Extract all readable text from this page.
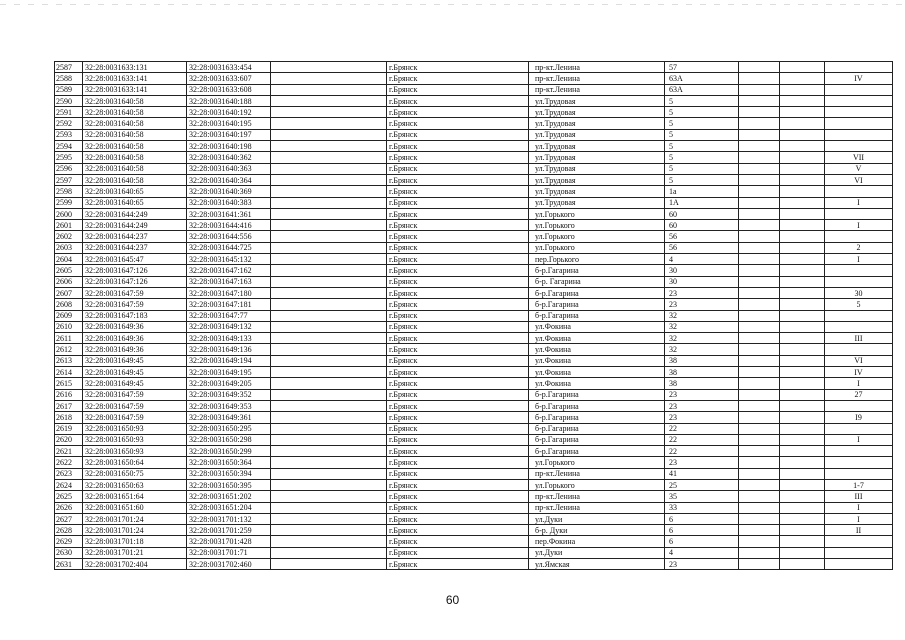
2587	32:28:0031633:131	32:28:0031633:454		г.Брянск	пр-кт.Ленина	57			
2588	32:28:0031633:141	32:28:0031633:607		г.Брянск	пр-кт.Ленина	63А			IV
2589	32:28:0031633:141	32:28:0031633:608		г.Брянск	пр-кт.Ленина	63А			
2590	32:28:0031640:58	32:28:0031640:188		г.Брянск	ул.Трудовая	5			
2591	32:28:0031640:58	32:28:0031640:192		г.Брянск	ул.Трудовая	5			
2592	32:28:0031640:58	32:28:0031640:195		г.Брянск	ул.Трудовая	5			
2593	32:28:0031640:58	32:28:0031640:197		г.Брянск	ул.Трудовая	5			
2594	32:28:0031640:58	32:28:0031640:198		г.Брянск	ул.Трудовая	5			
2595	32:28:0031640:58	32:28:0031640:362		г.Брянск	ул.Трудовая	5			VII
2596	32:28:0031640:58	32:28:0031640:363		г.Брянск	ул.Трудовая	5			V
2597	32:28:0031640:58	32:28:0031640:364		г.Брянск	ул.Трудовая	5			VI
2598	32:28:0031640:65	32:28:0031640:369		г.Брянск	ул.Трудовая	1а			
2599	32:28:0031640:65	32:28:0031640:383		г.Брянск	ул.Трудовая	1А			I
2600	32:28:0031644:249	32:28:0031641:361		г.Брянск	ул.Горького	60			
2601	32:28:0031644:249	32:28:0031644:416		г.Брянск	ул.Горького	60			I
2602	32:28:0031644:237	32:28:0031644:556		г.Брянск	ул.Горького	56			
2603	32:28:0031644:237	32:28:0031644:725		г.Брянск	ул.Горького	56			2
2604	32:28:0031645:47	32:28:0031645:132		г.Брянск	пер.Горького	4			I
2605	32:28:0031647:126	32:28:0031647:162		г.Брянск	б-р.Гагарина	30			
2606	32:28:0031647:126	32:28:0031647:163		г.Брянск	б-р. Гагарина	30			
2607	32:28:0031647:59	32:28:0031647:180		г.Брянск	б-р.Гагарина	23			30
2608	32:28:0031647:59	32:28:0031647:181		г.Брянск	б-р.Гагарина	23			5
2609	32:28:0031647:183	32:28:0031647:77		г.Брянск	б-р.Гагарина	32			
2610	32:28:0031649:36	32:28:0031649:132		г.Брянск	ул.Фокина	32			
2611	32:28:0031649:36	32:28:0031649:133		г.Брянск	ул.Фокина	32			III
2612	32:28:0031649:36	32:28:0031649:136		г.Брянск	ул.Фокина	32			
2613	32:28:0031649:45	32:28:0031649:194		г.Брянск	ул.Фокина	38			VI
2614	32:28:0031649:45	32:28:0031649:195		г.Брянск	ул.Фокина	38			IV
2615	32:28:0031649:45	32:28:0031649:205		г.Брянск	ул.Фокина	38			I
2616	32:28:0031647:59	32:28:0031649:352		г.Брянск	б-р.Гагарина	23			27
2617	32:28:0031647:59	32:28:0031649:353		г.Брянск	б-р.Гагарина	23			
2618	32:28:0031647:59	32:28:0031649:361		г.Брянск	б-р.Гагарина	23			I9
2619	32:28:0031650:93	32:28:0031650:295		г.Брянск	б-р.Гагарина	22			
2620	32:28:0031650:93	32:28:0031650:298		г.Брянск	б-р.Гагарина	22			I
2621	32:28:0031650:93	32:28:0031650:299		г.Брянск	б-р.Гагарина	22			
2622	32:28:0031650:64	32:28:0031650:364		г.Брянск	ул.Горького	23			
2623	32:28:0031650:75	32:28:0031650:394		г.Брянск	пр-кт.Ленина	41			
2624	32:28:0031650:63	32:28:0031650:395		г.Брянск	ул.Горького	25			1-7
2625	32:28:0031651:64	32:28:0031651:202		г.Брянск	пр-кт.Ленина	35			III
2626	32:28:0031651:60	32:28:0031651:204		г.Брянск	пр-кт.Ленина	33			I
2627	32:28:0031701:24	32:28:0031701:132		г.Брянск	ул.Дуки	6			I
2628	32:28:0031701:24	32:28:0031701:259		г.Брянск	б-р. Дуки	6			II
2629	32:28:0031701:18	32:28:0031701:428		г.Брянск	пер.Фокина	6			
2630	32:28:0031701:21	32:28:0031701:71		г.Брянск	ул.Дуки	4			
2631	32:28:0031702:404	32:28:0031702:460		г.Брянск	ул.Ямская	23			
60
